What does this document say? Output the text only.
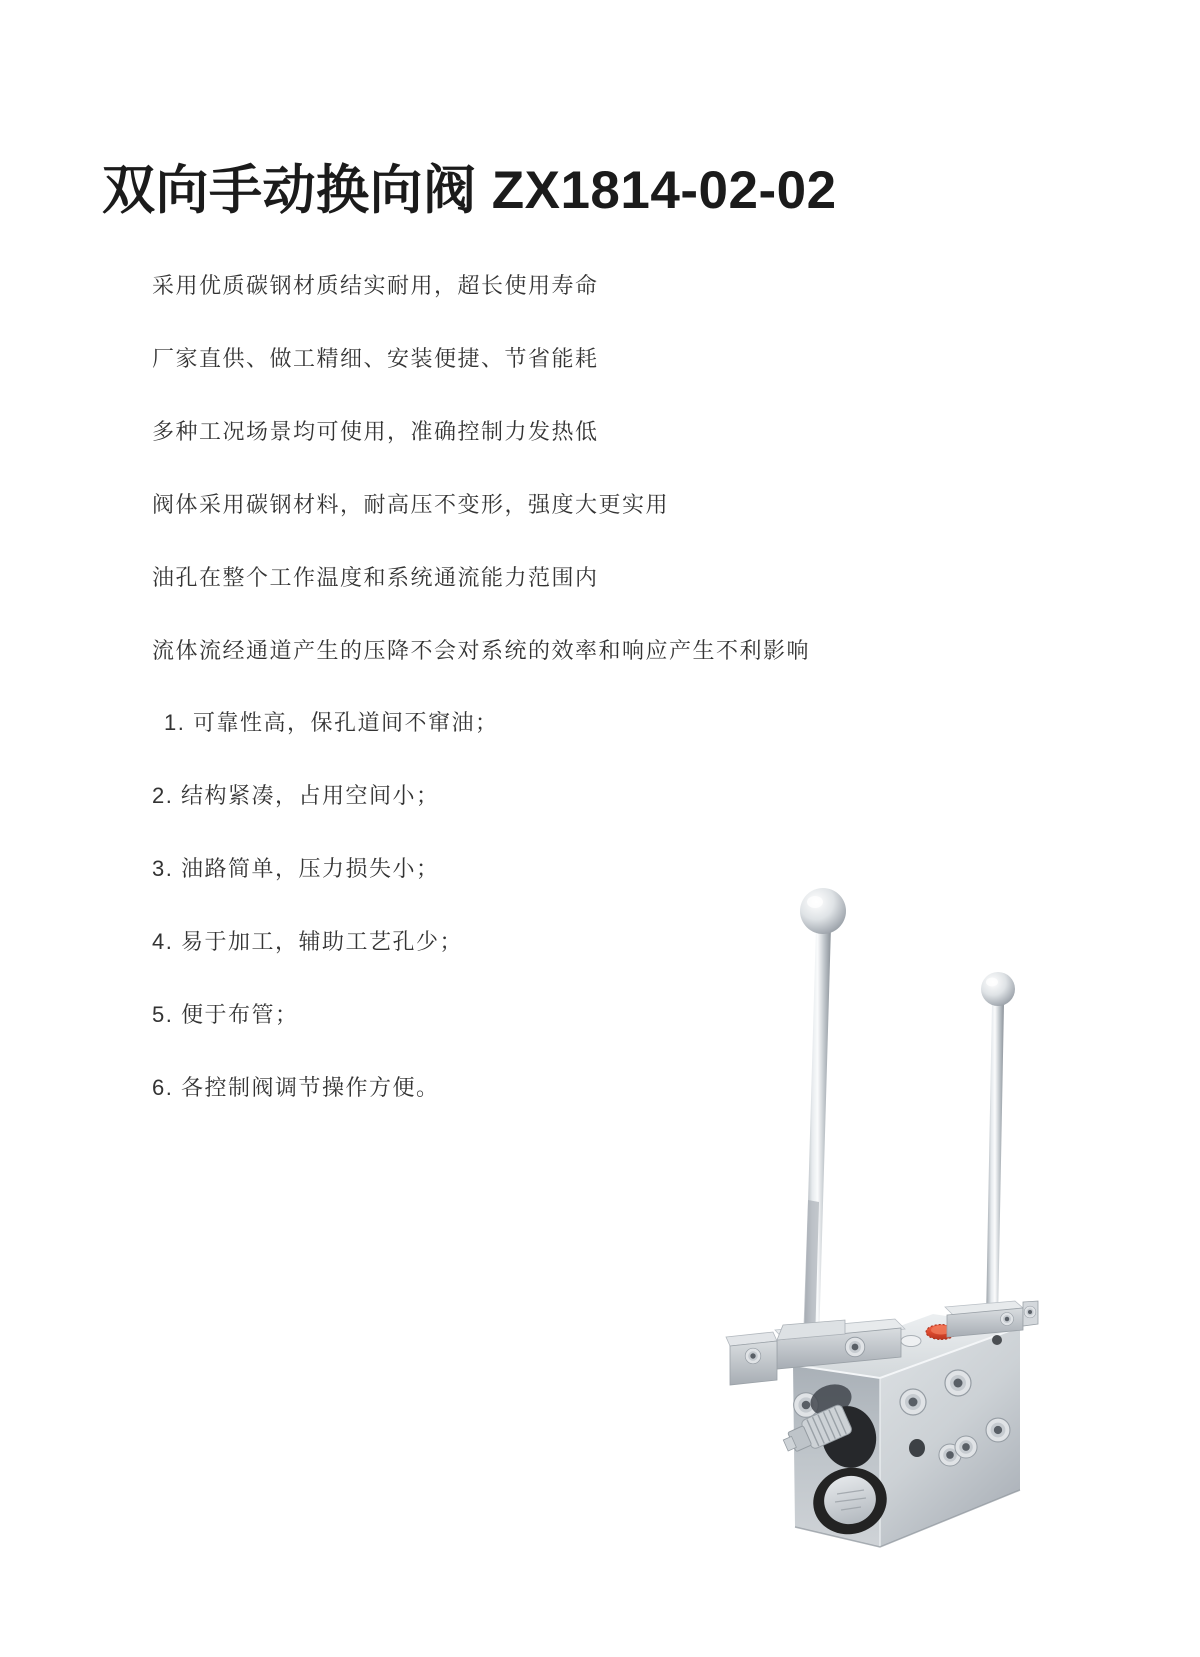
双向手动换向阀 ZX1814-02-02

采用优质碳钢材质结实耐用，超长使用寿命

厂家直供、做工精细、安装便捷、节省能耗

多种工况场景均可使用，准确控制力发热低

阀体采用碳钢材料，耐高压不变形，强度大更实用

油孔在整个工作温度和系统通流能力范围内

流体流经通道产生的压降不会对系统的效率和响应产生不利影响

1. 可靠性高，保孔道间不窜油；

2. 结构紧凑，占用空间小；

3. 油路简单，压力损失小；

4. 易于加工，辅助工艺孔少；

5. 便于布管；

6. 各控制阀调节操作方便。
